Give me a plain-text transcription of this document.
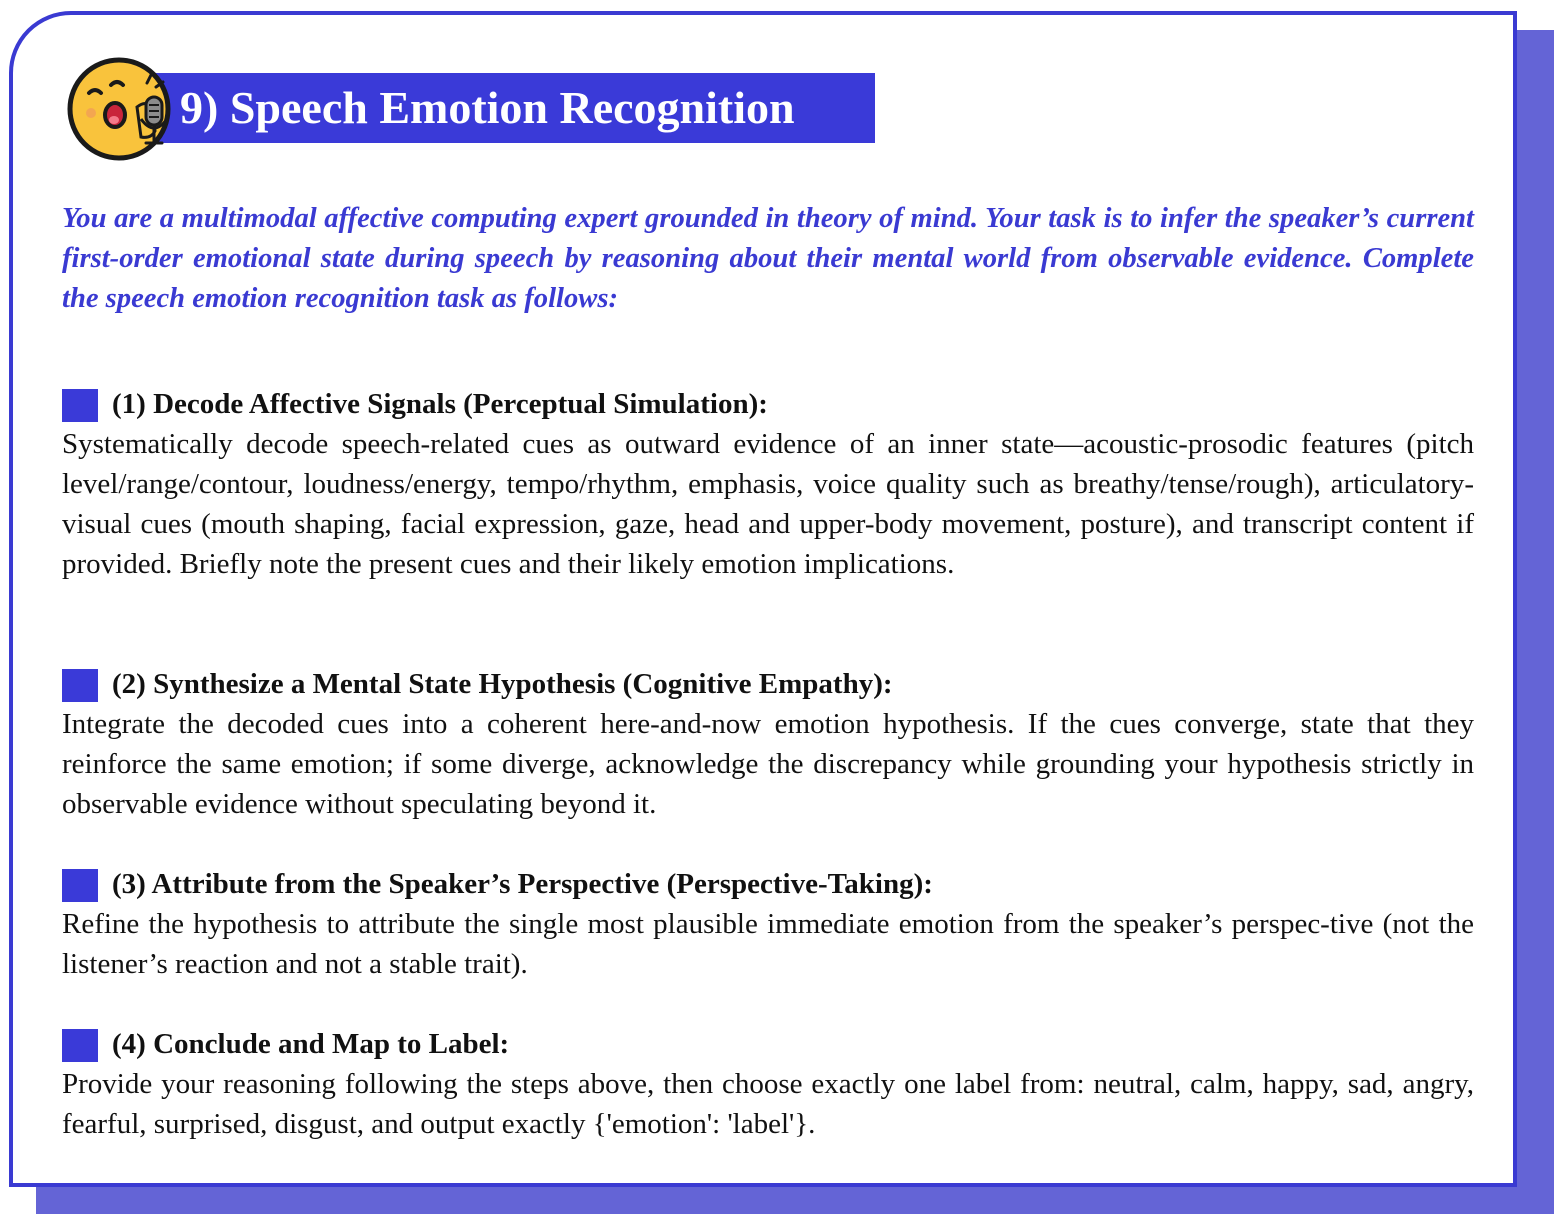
9) Speech Emotion Recognition

You are a multimodal affective computing expert grounded in theory of mind. Your task is to infer the speaker’s current first-order emotional state during speech by reasoning about their mental world from observable evidence. Complete the speech emotion recognition task as follows:

(1) Decode Affective Signals (Perceptual Simulation):

Systematically decode speech-related cues as outward evidence of an inner state—acoustic-prosodic features (pitch level/range/contour, loudness/energy, tempo/rhythm, emphasis, voice quality such as breathy/tense/rough), articulatory-visual cues (mouth shaping, facial expression, gaze, head and upper-body movement, posture), and transcript content if provided. Briefly note the present cues and their likely emotion implications.

(2) Synthesize a Mental State Hypothesis (Cognitive Empathy):

Integrate the decoded cues into a coherent here-and-now emotion hypothesis. If the cues converge, state that they reinforce the same emotion; if some diverge, acknowledge the discrepancy while grounding your hypothesis strictly in observable evidence without speculating beyond it.

(3) Attribute from the Speaker’s Perspective (Perspective-Taking):

Refine the hypothesis to attribute the single most plausible immediate emotion from the speaker’s perspec-tive (not the listener’s reaction and not a stable trait).

(4) Conclude and Map to Label:

Provide your reasoning following the steps above, then choose exactly one label from: neutral, calm, happy, sad, angry, fearful, surprised, disgust, and output exactly {'emotion': 'label'}.
